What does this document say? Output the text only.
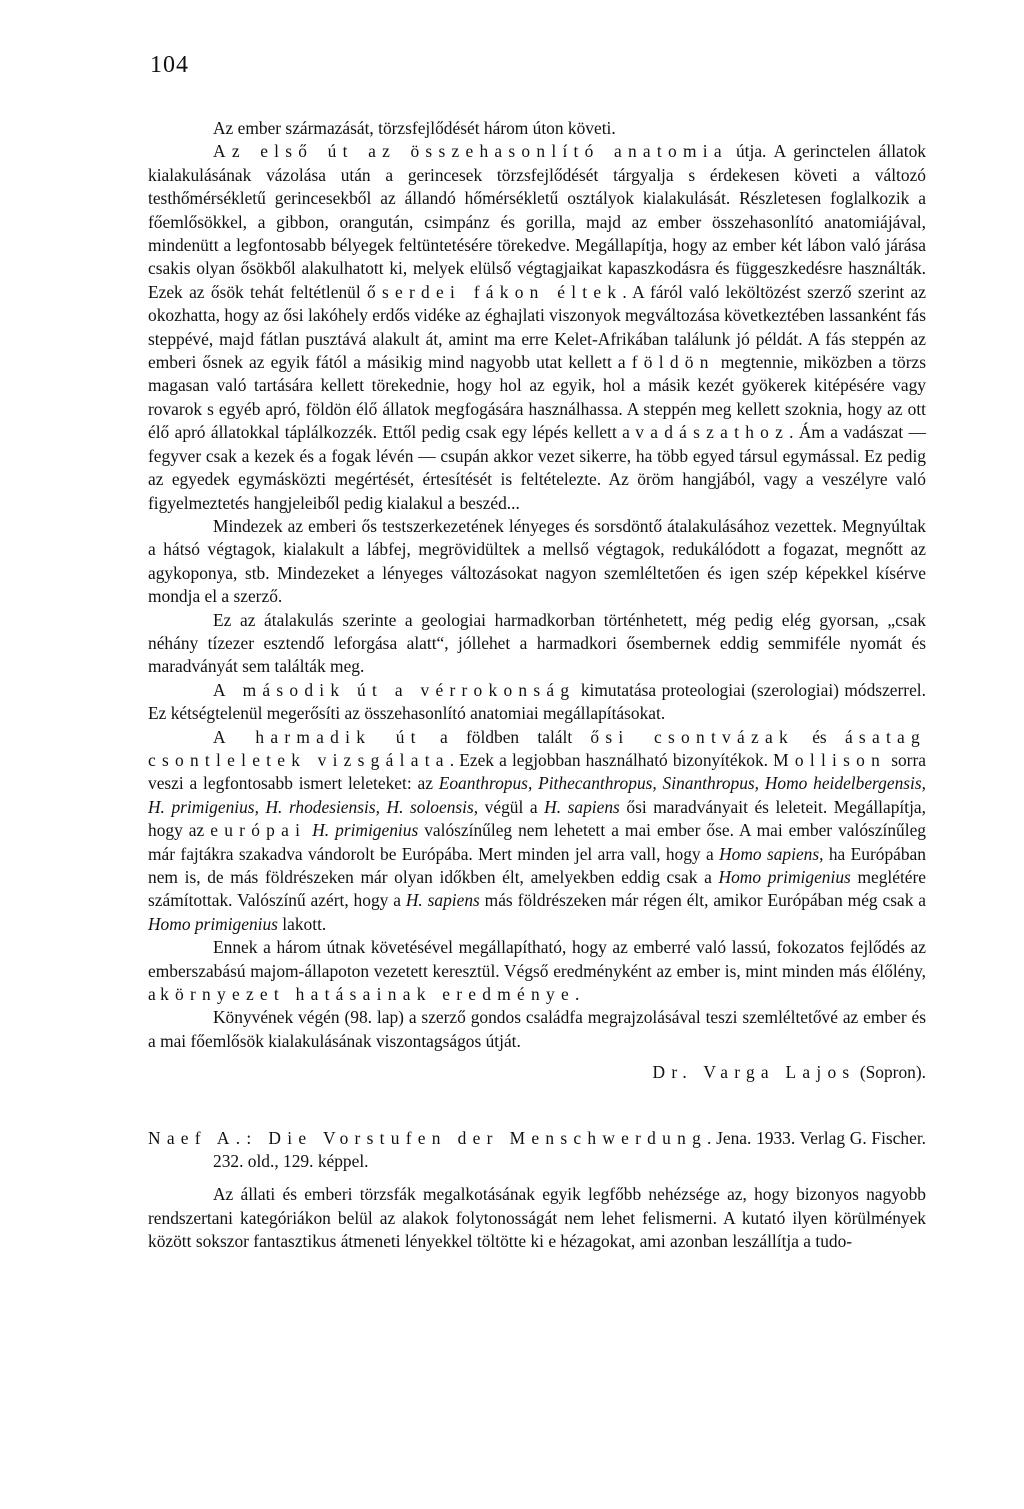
104

Az ember származását, törzsfejlődését három úton követi.

Az első út az összehasonlító anatomia útja. A gerinctelen állatok kialakulásának vázolása után a gerincesek törzsfejlődését tárgyalja s érdekesen követi a változó testhőmérsékletű gerincesekből az állandó hőmérsékletű osztályok kialakulását. Részletesen foglalkozik a főemlősökkel, a gibbon, orangután, csimpánz és gorilla, majd az ember összehasonlító anatomiájával, mindenütt a legfontosabb bélyegek feltüntetésére törekedve. Megállapítja, hogy az ember két lábon való járása csakis olyan ősökből alakulhatott ki, melyek elülső végtagjaikat kapaszkodásra és függeszkedésre használták. Ezek az ősök tehát feltétlenül őserdei fákon éltek. A fáról való leköltözést szerző szerint az okozhatta, hogy az ősi lakóhely erdős vidéke az éghajlati viszonyok megváltozása következtében lassanként fás steppévé, majd fátlan pusztává alakult át, amint ma erre Kelet-Afrikában találunk jó példát. A fás steppén az emberi ősnek az egyik fától a másikig mind nagyobb utat kellett a földön megtennie, miközben a törzs magasan való tartására kellett törekednie, hogy hol az egyik, hol a másik kezét gyökerek kitépésére vagy rovarok s egyéb apró, földön élő állatok megfogására használhassa. A steppén meg kellett szoknia, hogy az ott élő apró állatokkal táplálkozzék. Ettől pedig csak egy lépés kellett a vadászathoz. Ám a vadászat — fegyver csak a kezek és a fogak lévén — csupán akkor vezet sikerre, ha több egyed társul egymással. Ez pedig az egyedek egymásközti megértését, értesítését is feltételezte. Az öröm hangjából, vagy a veszélyre való figyelmeztetés hangjeleiből pedig kialakul a beszéd...

Mindezek az emberi ős testszerkezetének lényeges és sorsdöntő átalakulásához vezettek. Megnyúltak a hátsó végtagok, kialakult a lábfej, megrövidültek a mellső végtagok, redukálódott a fogazat, megnőtt az agykoponya, stb. Mindezeket a lényeges változásokat nagyon szemléltetően és igen szép képekkel kísérve mondja el a szerző.

Ez az átalakulás szerinte a geologiai harmadkorban történhetett, még pedig elég gyorsan, „csak néhány tízezer esztendő leforgása alatt“, jóllehet a harmadkori ősembernek eddig semmiféle nyomát és maradványát sem találták meg.

A második út a vérrokonság kimutatása proteologiai (szerologiai) módszerrel. Ez kétségtelenül megerősíti az összehasonlító anatomiai megállapításokat.

A harmadik út a földben talált ősi csontvázak és ásatag csontleletek vizsgálata. Ezek a legjobban használható bizonyítékok. Mollison sorra veszi a legfontosabb ismert leleteket: az Eoanthropus, Pithecanthropus, Sinanthropus, Homo heidelbergensis, H. primigenius, H. rhodesiensis, H. soloensis, végül a H. sapiens ősi maradványait és leleteit. Megállapítja, hogy az európai H. primigenius valószínűleg nem lehetett a mai ember őse. A mai ember valószínűleg már fajtákra szakadva vándorolt be Európába. Mert minden jel arra vall, hogy a Homo sapiens, ha Európában nem is, de más földrészeken már olyan időkben élt, amelyekben eddig csak a Homo primigenius meglétére számítottak. Valószínű azért, hogy a H. sapiens más földrészeken már régen élt, amikor Európában még csak a Homo primigenius lakott.

Ennek a három útnak követésével megállapítható, hogy az emberré való lassú, fokozatos fejlődés az emberszabású majom-állapoton vezetett keresztül. Végső eredményként az ember is, mint minden más élőlény, a környezet hatásainak eredménye.

Könyvének végén (98. lap) a szerző gondos családfa megrajzolásával teszi szemléltetővé az ember és a mai főemlősök kialakulásának viszontagságos útját.

Dr. Varga Lajos (Sopron).

Naef A.: Die Vorstufen der Menschwerdung. Jena. 1933. Verlag G. Fischer. 232. old., 129. képpel.

Az állati és emberi törzsfák megalkotásának egyik legfőbb nehézsége az, hogy bizonyos nagyobb rendszertani kategóriákon belül az alakok folytonosságát nem lehet felismerni. A kutató ilyen körülmények között sokszor fantasztikus átmeneti lényekkel töltötte ki e hézagokat, ami azonban leszállítja a tudo-
